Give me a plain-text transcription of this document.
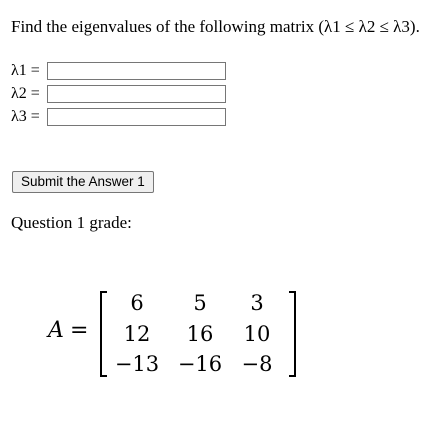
Find the eigenvalues of the following matrix (λ1 ≤ λ2 ≤ λ3).
λ1 =
λ2 =
λ3 =
Submit the Answer 1
Question 1 grade:
A =
6	5	3
12	16	10
−13 −16 −8
